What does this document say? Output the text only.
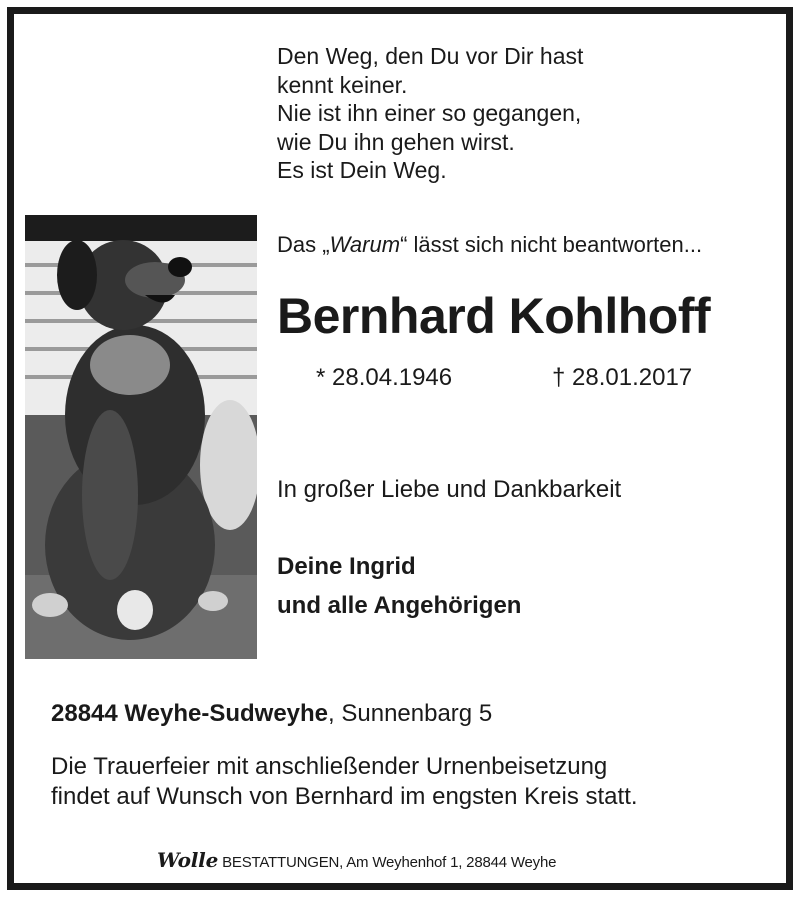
Den Weg, den Du vor Dir hast
kennt keiner.
Nie ist ihn einer so gegangen,
wie Du ihn gehen wirst.
Es ist Dein Weg.
Das „Warum“ lässt sich nicht beantworten...
Bernhard Kohlhoff
* 28.04.1946	† 28.01.2017
In großer Liebe und Dankbarkeit
Deine Ingrid
und alle Angehörigen
28844 Weyhe-Sudweyhe, Sunnenbarg 5
Die Trauerfeier mit anschließender Urnenbeisetzung
findet auf Wunsch von Bernhard im engsten Kreis statt.
Wolle BESTATTUNGEN, Am Weyhenhof 1, 28844 Weyhe
